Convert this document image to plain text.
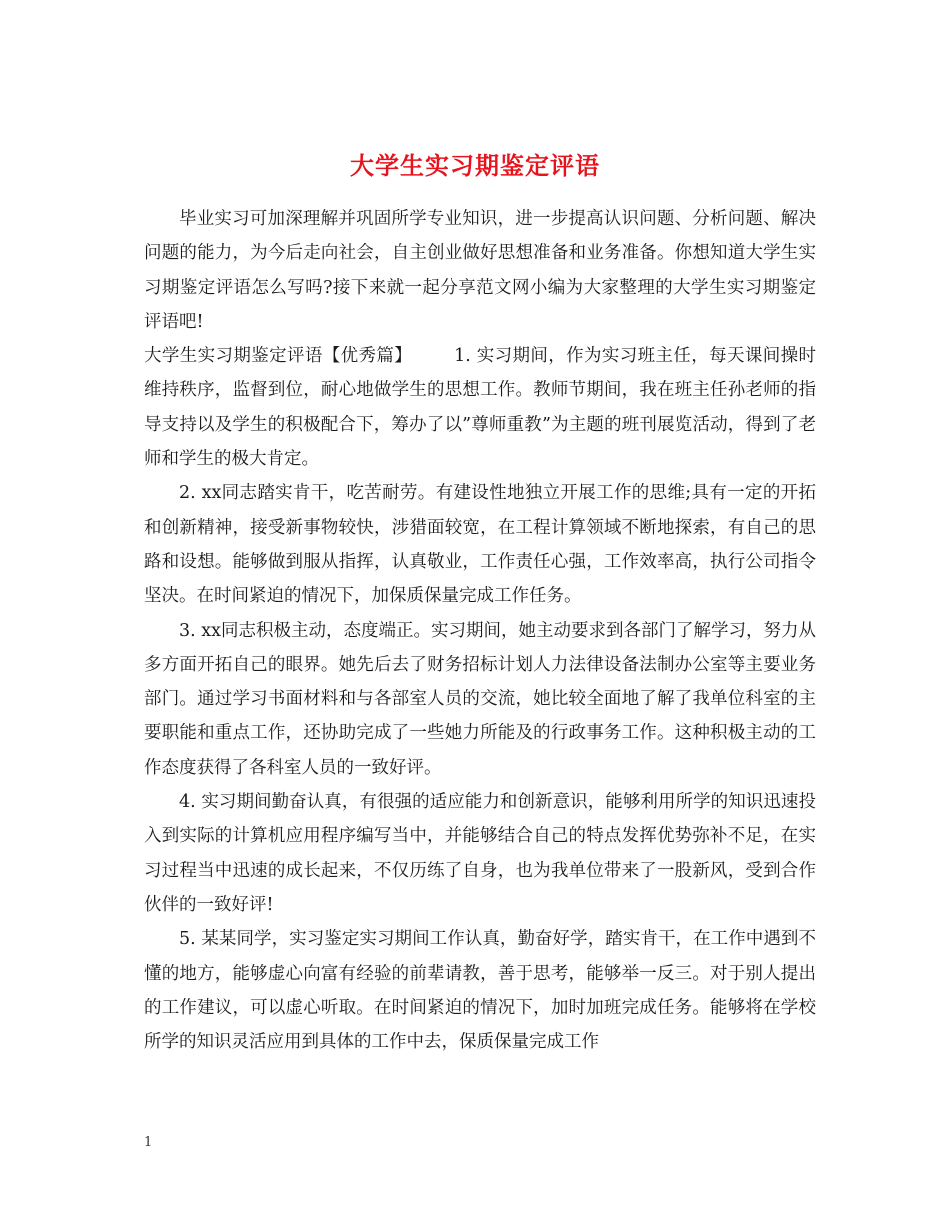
大学生实习期鉴定评语

毕业实习可加深理解并巩固所学专业知识，进一步提高认识问题、分析问题、解决问题的能力，为今后走向社会，自主创业做好思想准备和业务准备。你想知道大学生实习期鉴定评语怎么写吗?接下来就一起分享范文网小编为大家整理的大学生实习期鉴定评语吧!

大学生实习期鉴定评语【优秀篇】 1. 实习期间，作为实习班主任，每天课间操时维持秩序，监督到位，耐心地做学生的思想工作。教师节期间，我在班主任孙老师的指导支持以及学生的积极配合下，筹办了以”尊师重教”为主题的班刊展览活动，得到了老师和学生的极大肯定。

2. xx同志踏实肯干，吃苦耐劳。有建设性地独立开展工作的思维;具有一定的开拓和创新精神，接受新事物较快，涉猎面较宽，在工程计算领域不断地探索，有自己的思路和设想。能够做到服从指挥，认真敬业，工作责任心强，工作效率高，执行公司指令坚决。在时间紧迫的情况下，加保质保量完成工作任务。

3. xx同志积极主动，态度端正。实习期间，她主动要求到各部门了解学习，努力从多方面开拓自己的眼界。她先后去了财务招标计划人力法律设备法制办公室等主要业务部门。通过学习书面材料和与各部室人员的交流，她比较全面地了解了我单位科室的主要职能和重点工作，还协助完成了一些她力所能及的行政事务工作。这种积极主动的工作态度获得了各科室人员的一致好评。

4. 实习期间勤奋认真，有很强的适应能力和创新意识，能够利用所学的知识迅速投入到实际的计算机应用程序编写当中，并能够结合自己的特点发挥优势弥补不足，在实习过程当中迅速的成长起来，不仅历练了自身，也为我单位带来了一股新风，受到合作伙伴的一致好评!

5. 某某同学，实习鉴定实习期间工作认真，勤奋好学，踏实肯干，在工作中遇到不懂的地方，能够虚心向富有经验的前辈请教，善于思考，能够举一反三。对于别人提出的工作建议，可以虚心听取。在时间紧迫的情况下，加时加班完成任务。能够将在学校所学的知识灵活应用到具体的工作中去，保质保量完成工作

1
